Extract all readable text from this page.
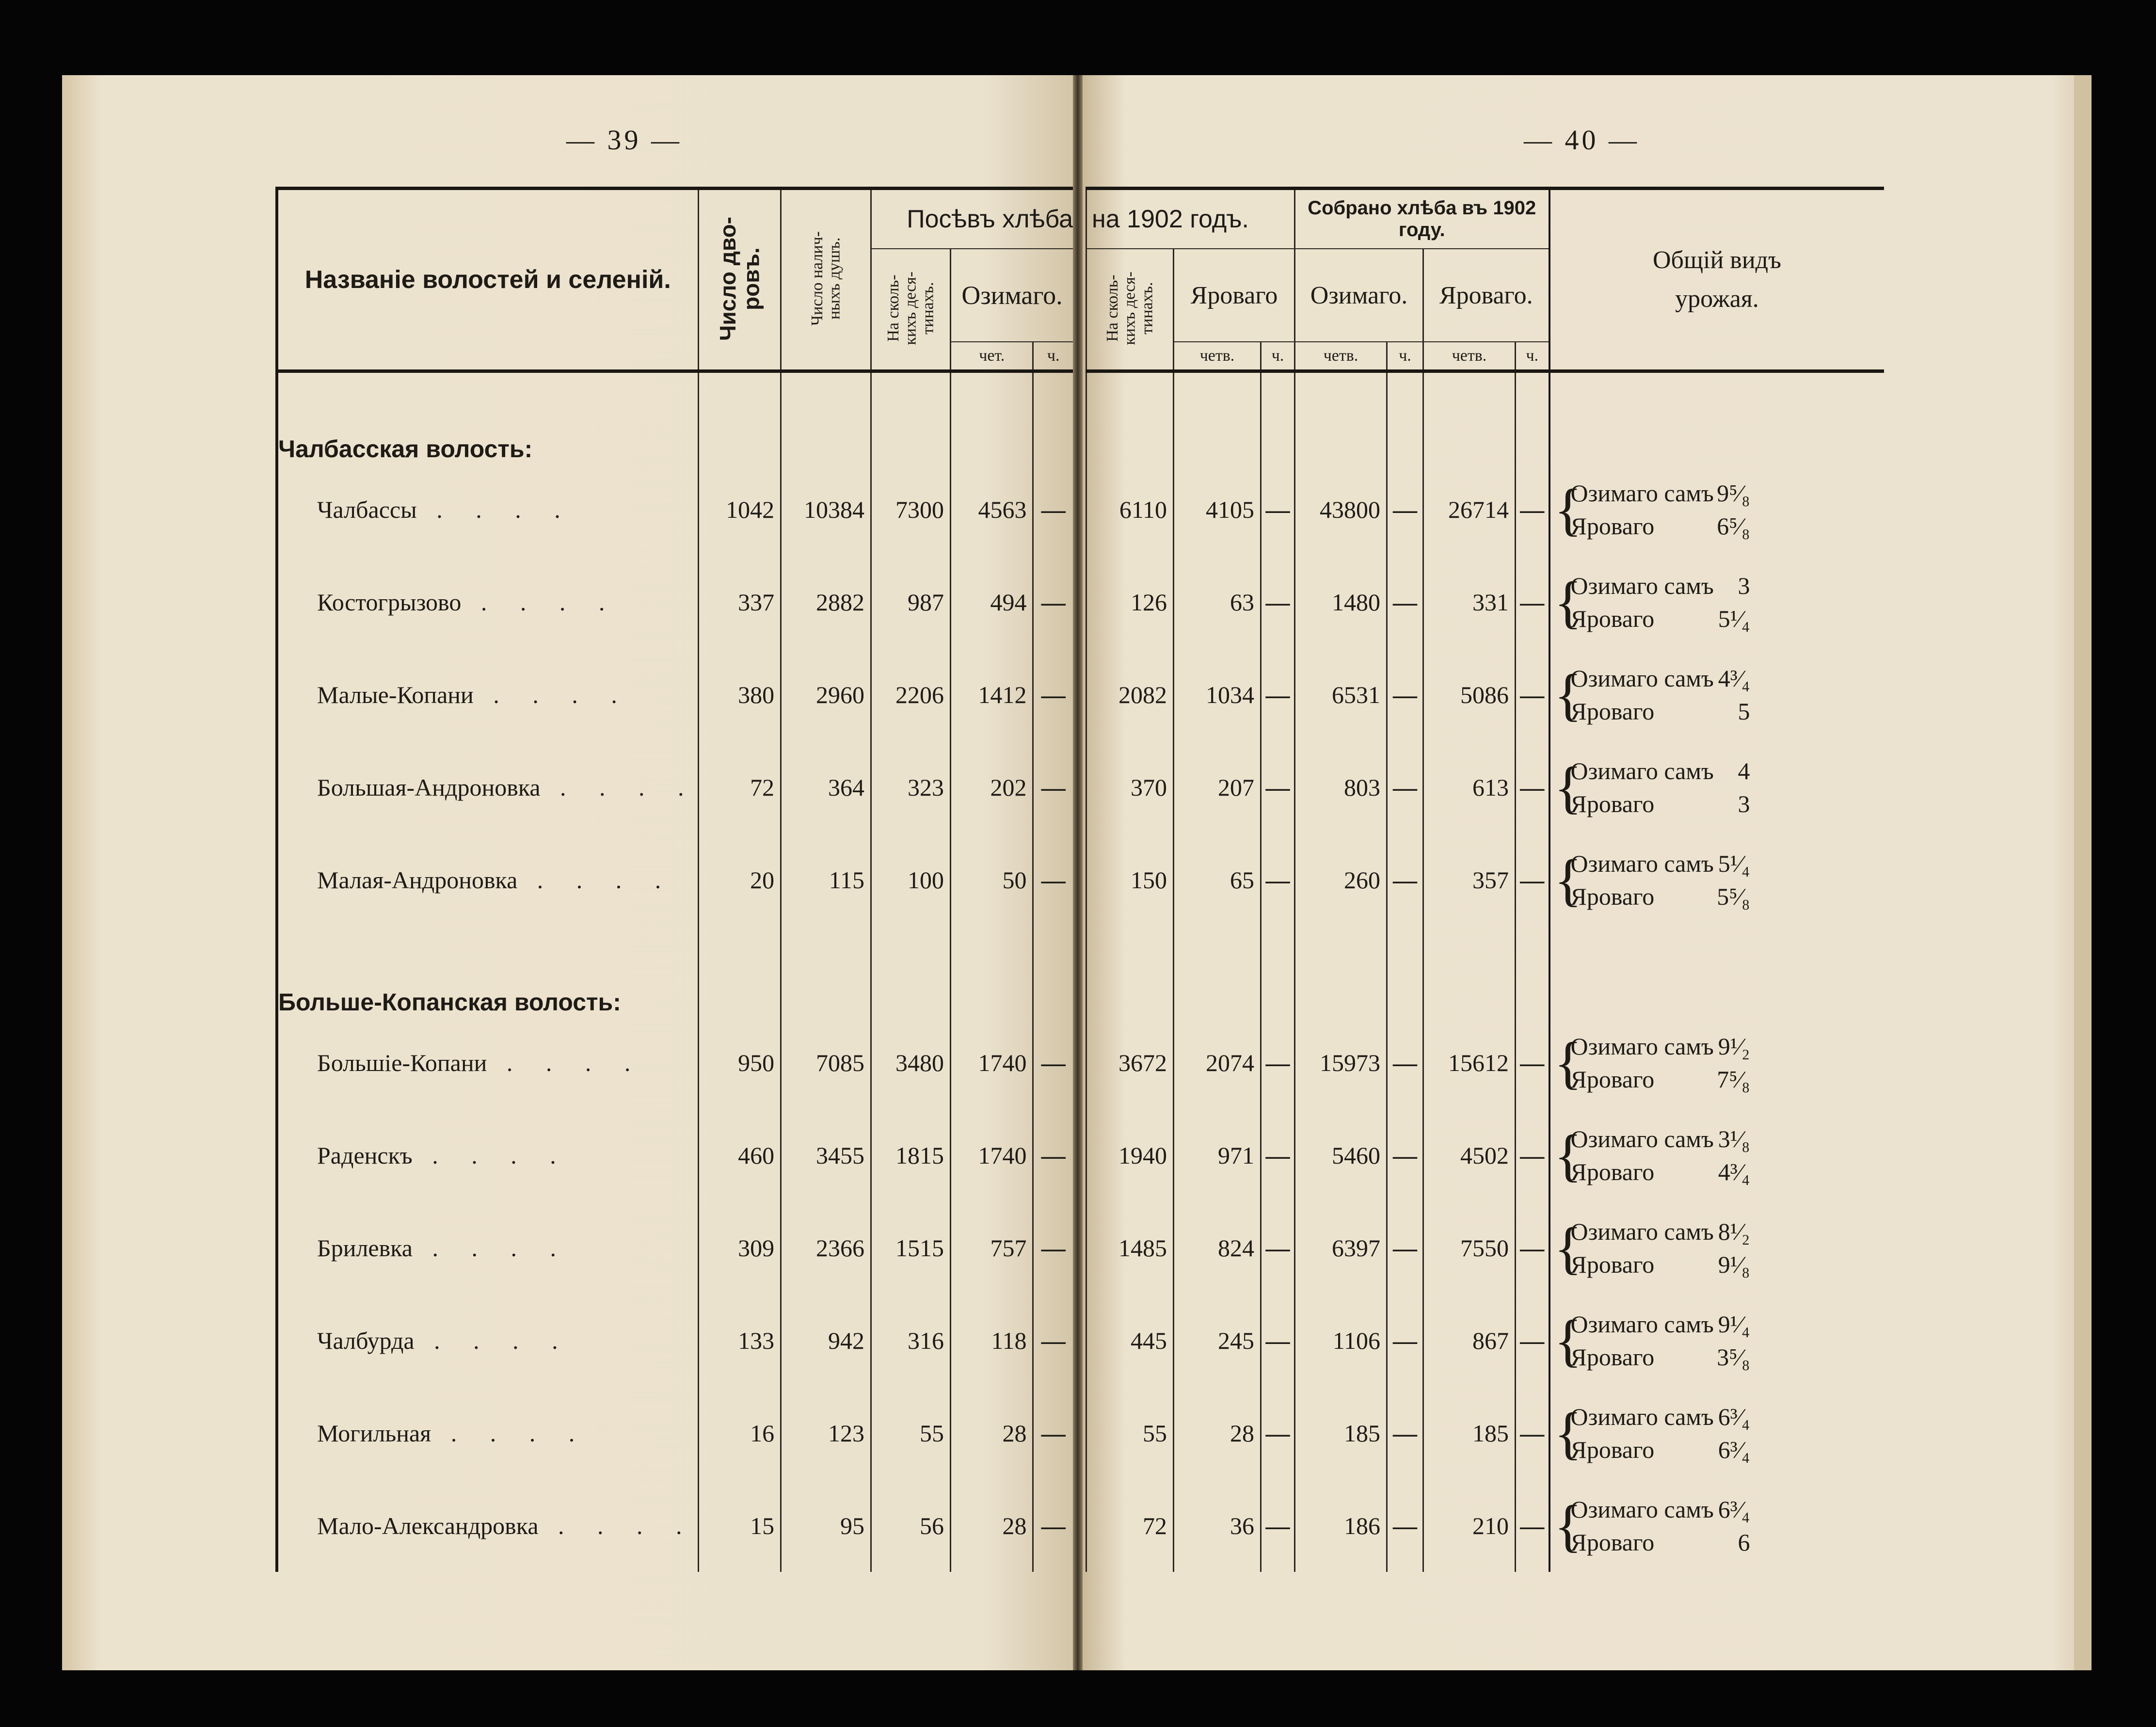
— 39 —
Названіе волостей и селеній.	Число дво-
ровъ.	Число налич-
ныхъ душъ.	Посѣвъ хлѣба		
			На сколь-
кихъ деся-
тинахъ.	Озимаго.	
				чет.	ч.
Чалбасская волость:					
Чалбассы . . . .	1042	10384	7300	4563	—
Костогрызово . . . .	337	2882	987	494	—
Малые-Копани . . . .	380	2960	2206	1412	—
Большая-Андроновка . . . .	72	364	323	202	—
Малая-Андроновка . . . .	20	115	100	50	—
Больше-Копанская волость:					
Большіе-Копани . . . .	950	7085	3480	1740	—
Раденскъ . . . .	460	3455	1815	1740	—
Брилевка . . . .	309	2366	1515	757	—
Чалбурда . . . .	133	942	316	118	—
Могильная . . . .	16	123	55	28	—
Мало-Александровка . . . .	15	95	56	28	—
— 40 —
на 1902 годъ.			Собрано хлѣба въ 1902 году.				Общій видъ урожая.
На сколь-
кихъ деся-
тинахъ.	Яроваго		Озимаго.		Яроваго.		
	четв.	ч.	четв.	ч.	четв.	ч.	

6110	4105	—	43800	—	26714	—	{
Озимаго самъ 9⁵⁄₈
Яроваго 6⁵⁄₈

126	63	—	1480	—	331	—	{
Озимаго самъ 3
Яроваго 5¹⁄₄

2082	1034	—	6531	—	5086	—	{
Озимаго самъ 4³⁄₄
Яроваго 5

370	207	—	803	—	613	—	{
Озимаго самъ 4
Яроваго 3

150	65	—	260	—	357	—	{
Озимаго самъ 5¹⁄₄
Яроваго 5⁵⁄₈

3672	2074	—	15973	—	15612	—	{
Озимаго самъ 9¹⁄₂
Яроваго 7⁵⁄₈

1940	971	—	5460	—	4502	—	{
Озимаго самъ 3¹⁄₈
Яроваго 4³⁄₄

1485	824	—	6397	—	7550	—	{
Озимаго самъ 8¹⁄₂
Яроваго 9¹⁄₈

445	245	—	1106	—	867	—	{
Озимаго самъ 9¹⁄₄
Яроваго 3⁵⁄₈

55	28	—	185	—	185	—	{
Озимаго самъ 6³⁄₄
Яроваго 6³⁄₄

72	36	—	186	—	210	—	{
Озимаго самъ 6³⁄₄
Яроваго 6
